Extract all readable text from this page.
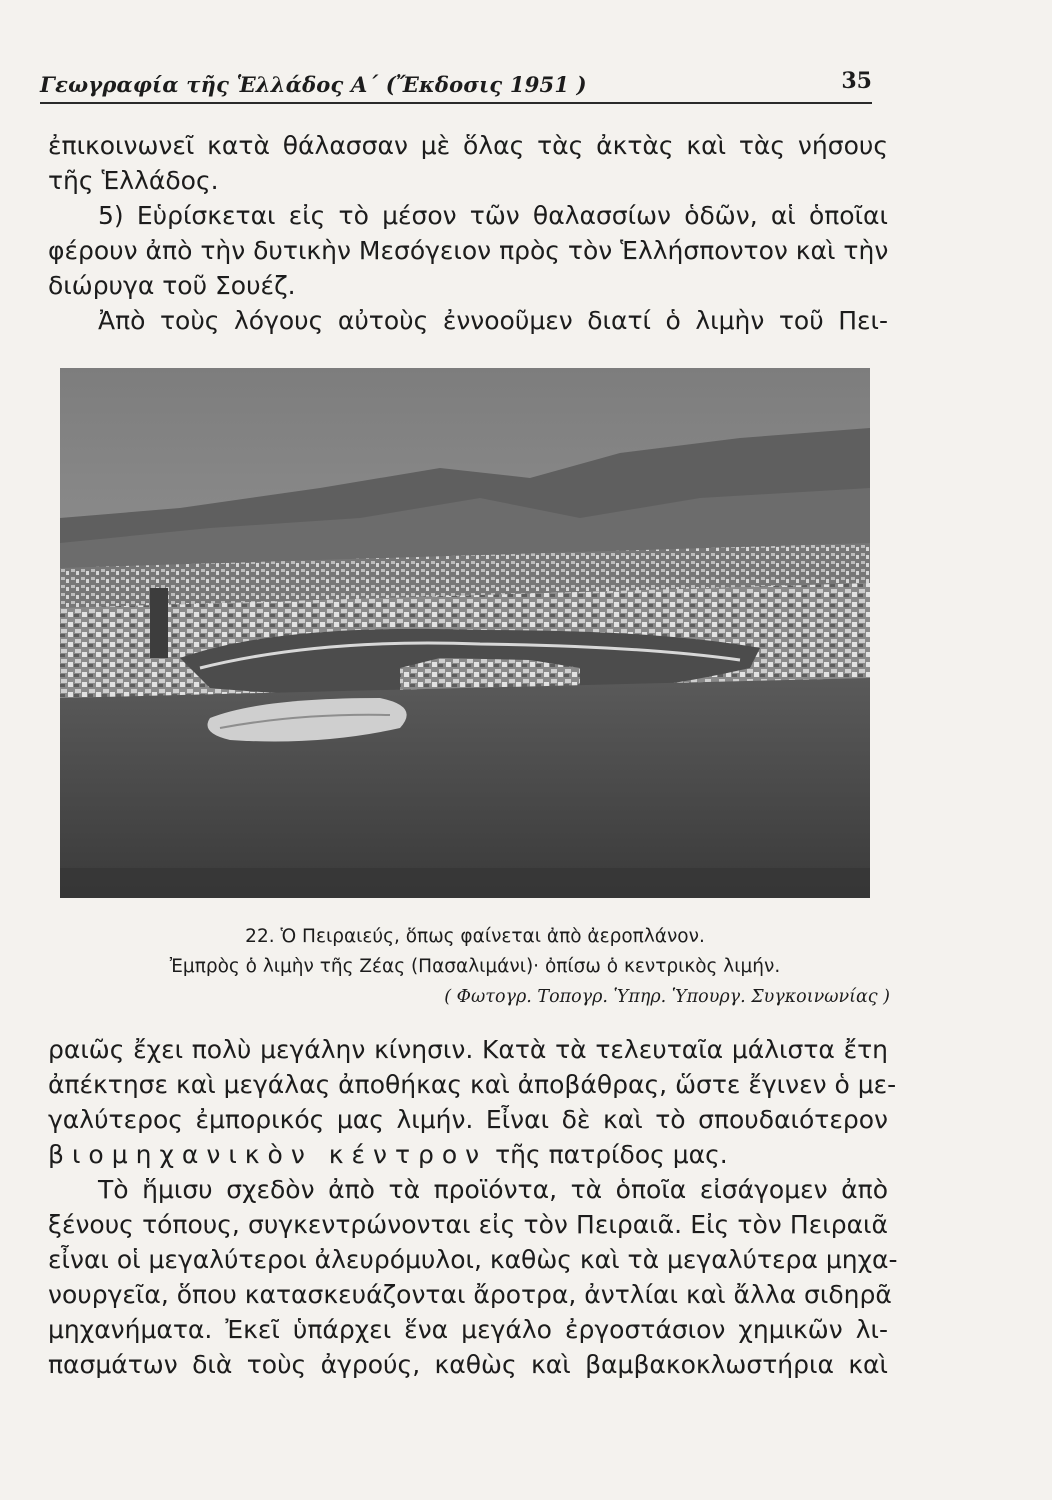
Γεωγραφία τῆς Ἑλλάδος Α΄ (Ἔκδοσις 1951 )	35
ἐπικοινωνεῖ κατὰ θάλασσαν μὲ ὅλας τὰς ἀκτὰς καὶ τὰς νήσους
τῆς Ἑλλάδος.
5) Εὑρίσκεται εἰς τὸ μέσον τῶν θαλασσίων ὁδῶν, αἱ ὁποῖαι
φέρουν ἀπὸ τὴν δυτικὴν Μεσόγειον πρὸς τὸν Ἑλλήσποντον καὶ τὴν
διώρυγα τοῦ Σουέζ.
Ἀπὸ τοὺς λόγους αὐτοὺς ἐννοοῦμεν διατί ὁ λιμὴν τοῦ Πει-
22. Ὁ Πειραιεύς, ὅπως φαίνεται ἀπὸ ἀεροπλάνον.
Ἐμπρὸς ὁ λιμὴν τῆς Ζέας (Πασαλιμάνι)· ὀπίσω ὁ κεντρικὸς λιμήν.
( Φωτογρ. Τοπογρ. Ὑπηρ. Ὑπουργ. Συγκοινωνίας )
ραιῶς ἔχει πολὺ μεγάλην κίνησιν. Κατὰ τὰ τελευταῖα μάλιστα ἔτη
ἀπέκτησε καὶ μεγάλας ἀποθήκας καὶ ἀποβάθρας, ὥστε ἔγινεν ὁ με-
γαλύτερος ἐμπορικός μας λιμήν. Εἶναι δὲ καὶ τὸ σπουδαιότερον
βιομηχανικὸν κέντρον τῆς πατρίδος μας.
Τὸ ἥμισυ σχεδὸν ἀπὸ τὰ προϊόντα, τὰ ὁποῖα εἰσάγομεν ἀπὸ
ξένους τόπους, συγκεντρώνονται εἰς τὸν Πειραιᾶ. Εἰς τὸν Πειραιᾶ
εἶναι οἱ μεγαλύτεροι ἀλευρόμυλοι, καθὼς καὶ τὰ μεγαλύτερα μηχα-
νουργεῖα, ὅπου κατασκευάζονται ἄροτρα, ἀντλίαι καὶ ἄλλα σιδηρᾶ
μηχανήματα. Ἐκεῖ ὑπάρχει ἕνα μεγάλο ἐργοστάσιον χημικῶν λι-
πασμάτων διὰ τοὺς ἀγρούς, καθὼς καὶ βαμβακοκλωστήρια καὶ
